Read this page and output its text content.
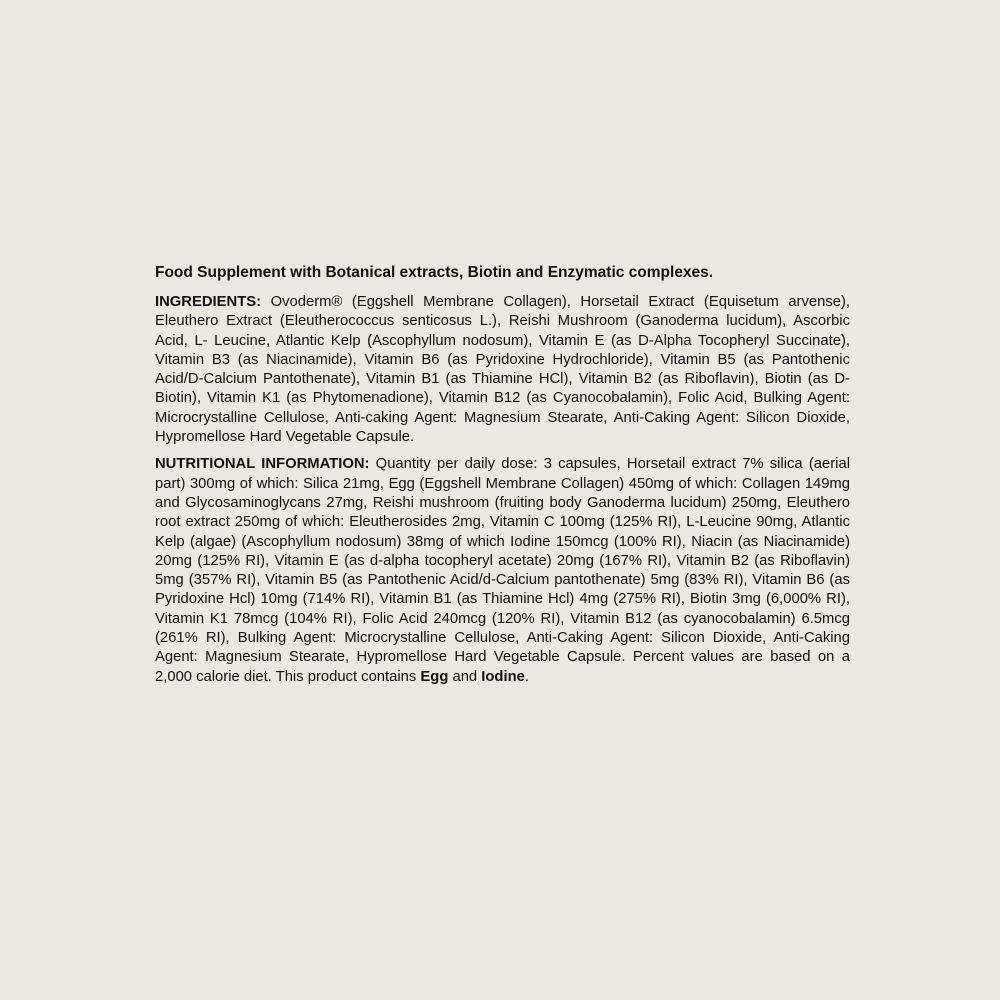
Food Supplement with Botanical extracts, Biotin and Enzymatic complexes.

INGREDIENTS: Ovoderm® (Eggshell Membrane Collagen), Horsetail Extract (Equisetum arvense), Eleuthero Extract (Eleutherococcus senticosus L.), Reishi Mushroom (Ganoderma lucidum), Ascorbic Acid, L- Leucine, Atlantic Kelp (Ascophyllum nodosum), Vitamin E (as D-Alpha Tocopheryl Succinate), Vitamin B3 (as Niacinamide), Vitamin B6 (as Pyridoxine Hydrochloride), Vitamin B5 (as Pantothenic Acid/D-Calcium Pantothenate), Vitamin B1 (as Thiamine HCl), Vitamin B2 (as Riboflavin), Biotin (as D-Biotin), Vitamin K1 (as Phytomenadione), Vitamin B12 (as Cyanocobalamin), Folic Acid, Bulking Agent: Microcrystalline Cellulose, Anti-caking Agent: Magnesium Stearate, Anti-Caking Agent: Silicon Dioxide, Hypromellose Hard Vegetable Capsule.

NUTRITIONAL INFORMATION: Quantity per daily dose: 3 capsules, Horsetail extract 7% silica (aerial part) 300mg of which: Silica 21mg, Egg (Eggshell Membrane Collagen) 450mg of which: Collagen 149mg and Glycosaminoglycans 27mg, Reishi mushroom (fruiting body Ganoderma lucidum) 250mg, Eleuthero root extract 250mg of which: Eleutherosides 2mg, Vitamin C 100mg (125% RI), L-Leucine 90mg, Atlantic Kelp (algae) (Ascophyllum nodosum) 38mg of which Iodine 150mcg (100% RI), Niacin (as Niacinamide) 20mg (125% RI), Vitamin E (as d-alpha tocopheryl acetate) 20mg (167% RI), Vitamin B2 (as Riboflavin) 5mg (357% RI), Vitamin B5 (as Pantothenic Acid/d-Calcium pantothenate) 5mg (83% RI), Vitamin B6 (as Pyridoxine Hcl) 10mg (714% RI), Vitamin B1 (as Thiamine Hcl) 4mg (275% RI), Biotin 3mg (6,000% RI), Vitamin K1 78mcg (104% RI), Folic Acid 240mcg (120% RI), Vitamin B12 (as cyanocobalamin) 6.5mcg (261% RI), Bulking Agent: Microcrystalline Cellulose, Anti-Caking Agent: Silicon Dioxide, Anti-Caking Agent: Magnesium Stearate, Hypromellose Hard Vegetable Capsule. Percent values are based on a 2,000 calorie diet. This product contains Egg and Iodine.
